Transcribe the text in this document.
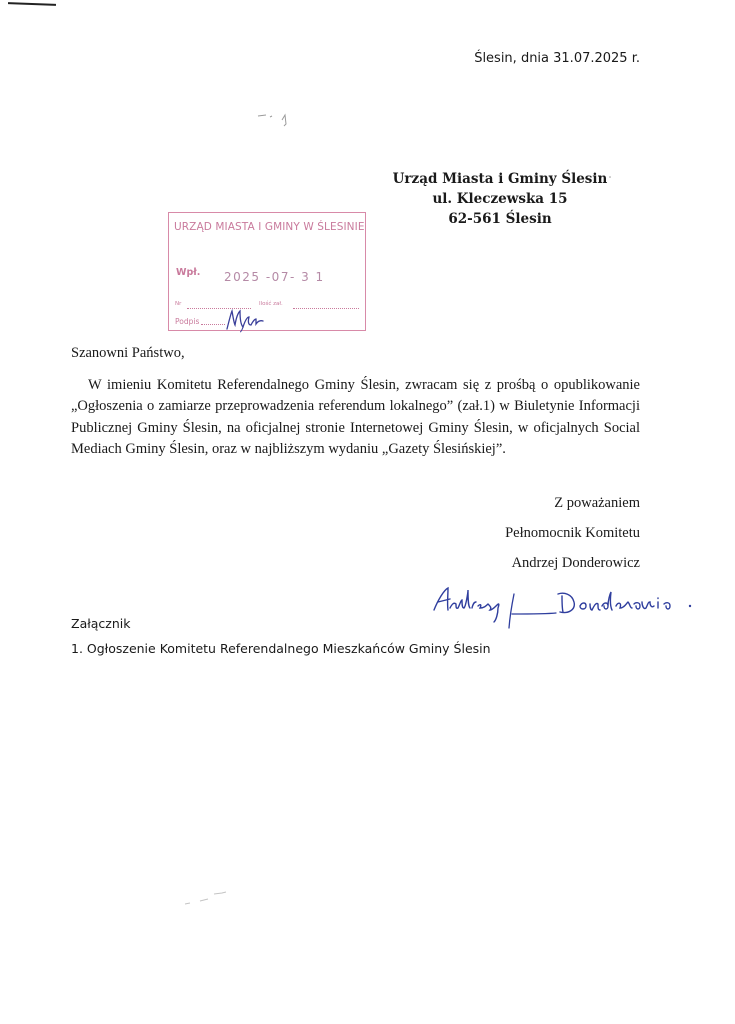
Ślesin, dnia 31.07.2025 r.
Urząd Miasta i Gminy Ślesin
ul. Kleczewska 15
62-561 Ślesin
URZĄD MIASTA I GMINY W ŚLESINIE
Wpł. 2025 -07- 3 1
Nr	Ilość zał.
Podpis
Szanowni Państwo,

W imieniu Komitetu Referendalnego Gminy Ślesin, zwracam się z prośbą o opublikowanie „Ogłoszenia o zamiarze przeprowadzenia referendum lokalnego” (zał.1) w Biuletynie Informacji Publicznej Gminy Ślesin, na oficjalnej stronie Internetowej Gminy Ślesin, w oficjalnych Social Mediach Gminy Ślesin, oraz w najbliższym wydaniu „Gazety Ślesińskiej”.

Z poważaniem
Pełnomocnik Komitetu
Andrzej Donderowicz
Załącznik
1. Ogłoszenie Komitetu Referendalnego Mieszkańców Gminy Ślesin
